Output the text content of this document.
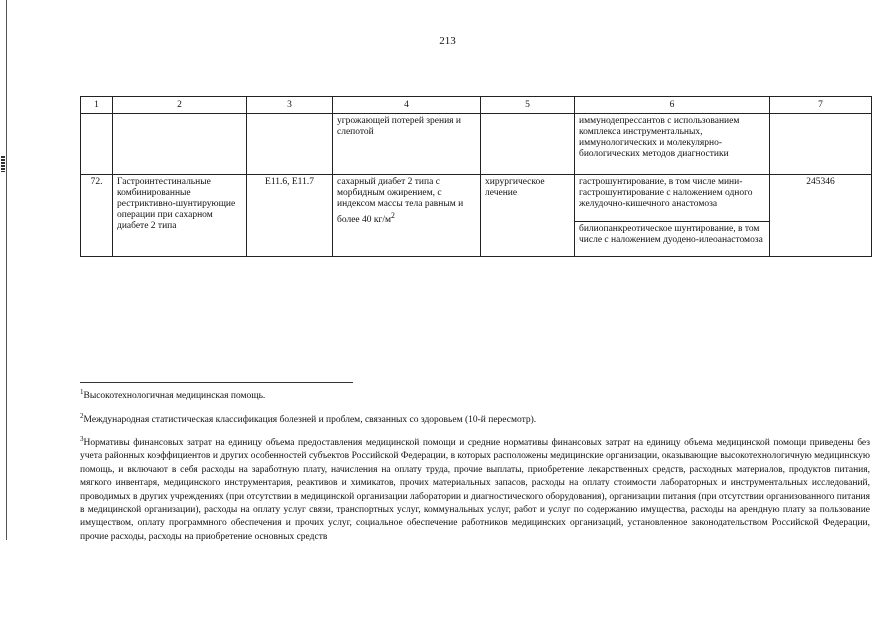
213
1	2	3	4	5	6	7
			угрожающей потерей зрения и слепотой		иммунодепрессантов с использованием комплекса инструментальных, иммунологических и молекулярно-биологических методов диагностики	
72.	Гастроинтестинальные комбинированные рестриктивно-шунтирующие операции при сахарном диабете 2 типа	E11.6, E11.7	сахарный диабет 2 типа с морбидным ожирением, с индексом массы тела равным и более 40 $кг/м^2$	хирургическое лечение	гастрошунтирование, в том числе мини-гастрошунтирование с наложением одного желудочно-кишечного анастомоза	245346
					билиопанкреотическое шунтирование, в том числе с наложением дуодено-илеоанастомоза	
$^1$Высокотехнологичная медицинская помощь.
$^2$Международная статистическая классификация болезней и проблем, связанных со здоровьем (10-й пересмотр).
$^3$Нормативы финансовых затрат на единицу объема предоставления медицинской помощи и средние нормативы финансовых затрат на единицу объема медицинской помощи приведены без учета районных коэффициентов и других особенностей субъектов Российской Федерации, в которых расположены медицинские организации, оказывающие высокотехнологичную медицинскую помощь, и включают в себя расходы на заработную плату, начисления на оплату труда, прочие выплаты, приобретение лекарственных средств, расходных материалов, продуктов питания, мягкого инвентаря, медицинского инструментария, реактивов и химикатов, прочих материальных запасов, расходы на оплату стоимости лабораторных и инструментальных исследований, проводимых в других учреждениях (при отсутствии в медицинской организации лаборатории и диагностического оборудования), организации питания (при отсутствии организованного питания в медицинской организации), расходы на оплату услуг связи, транспортных услуг, коммунальных услуг, работ и услуг по содержанию имущества, расходы на арендную плату за пользование имуществом, оплату программного обеспечения и прочих услуг, социальное обеспечение работников медицинских организаций, установленное законодательством Российской Федерации, прочие расходы, расходы на приобретение основных средств
